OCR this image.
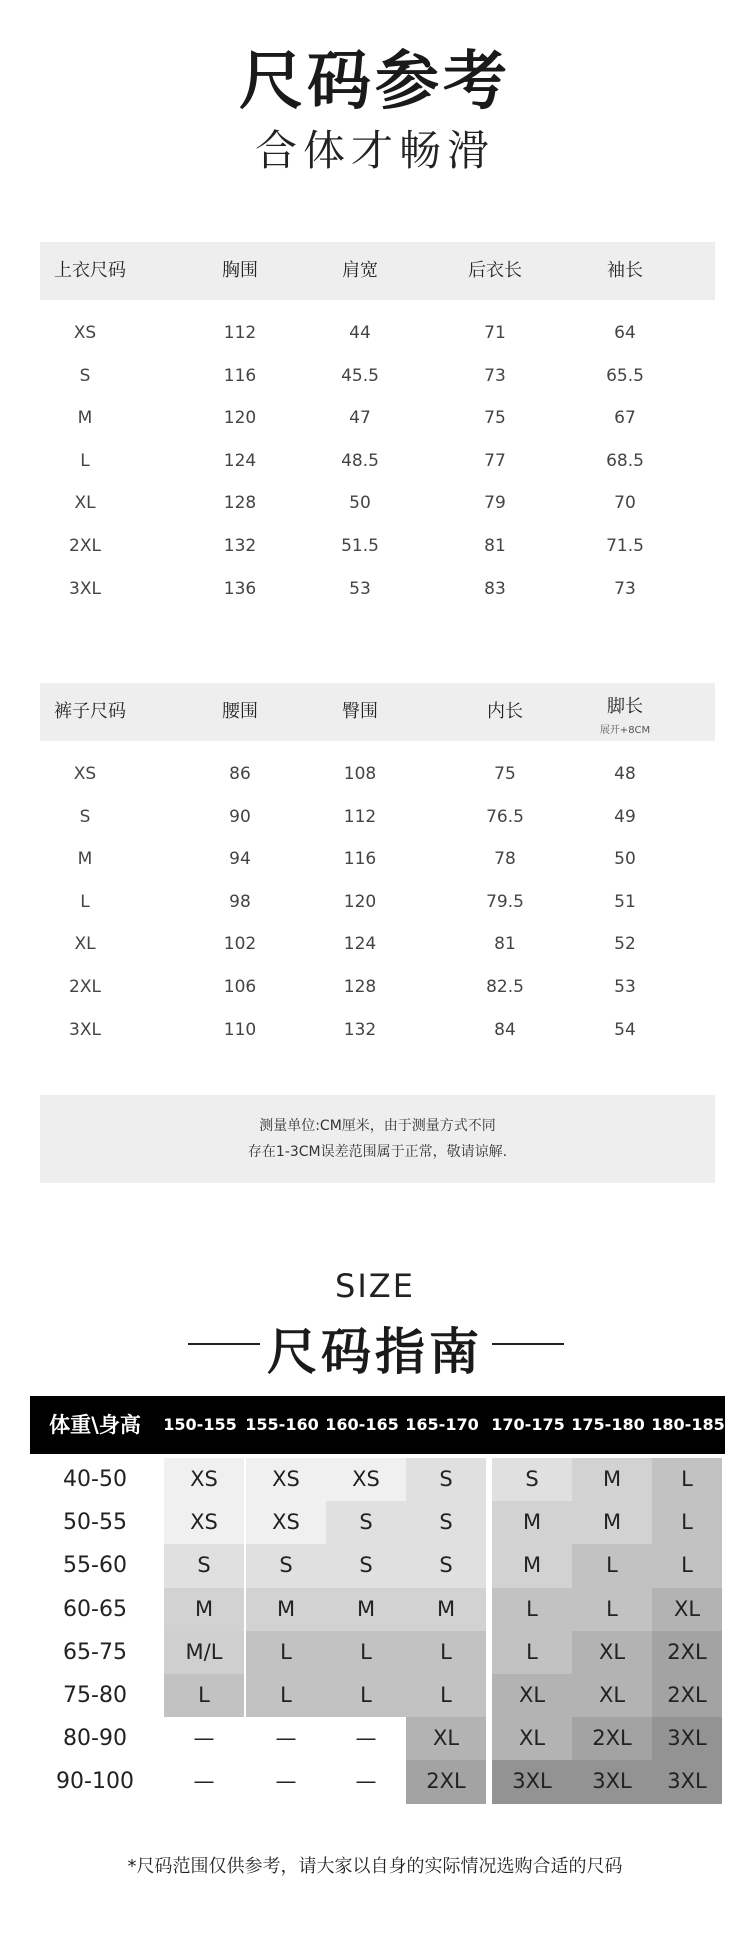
尺码参考
合体才畅滑
上衣尺码	胸围	肩宽	后衣长	袖长
XS	112	44	71	64
S	116	45.5	73	65.5
M	120	47	75	67
L	124	48.5	77	68.5
XL	128	50	79	70
2XL	132	51.5	81	71.5
3XL	136	53	83	73
裤子尺码	腰围	臀围	内长	脚长
展开+8CM
XS	86	108	75	48
S	90	112	76.5	49
M	94	116	78	50
L	98	120	79.5	51
XL	102	124	81	52
2XL	106	128	82.5	53
3XL	110	132	84	54
测量单位:CM厘米，由于测量方式不同
存在1-3CM误差范围属于正常，敬请谅解.
SIZE
尺码指南
体重\身高	150-155 155-160 160-165 165-170 170-175 175-180 180-185
40-50	XS	XS	XS	S	S	M	L
50-55	XS	XS	S	S	M	M	L
55-60	S	S	S	S	M	L	L
60-65	M	M	M	M	L	L	XL
65-75	M/L	L	L	L	L	XL	2XL
75-80	L	L	L	L	XL	XL	2XL
80-90	—	—	—	XL	XL	2XL	3XL
90-100	—	—	—	2XL	3XL	3XL	3XL
*尺码范围仅供参考，请大家以自身的实际情况选购合适的尺码
